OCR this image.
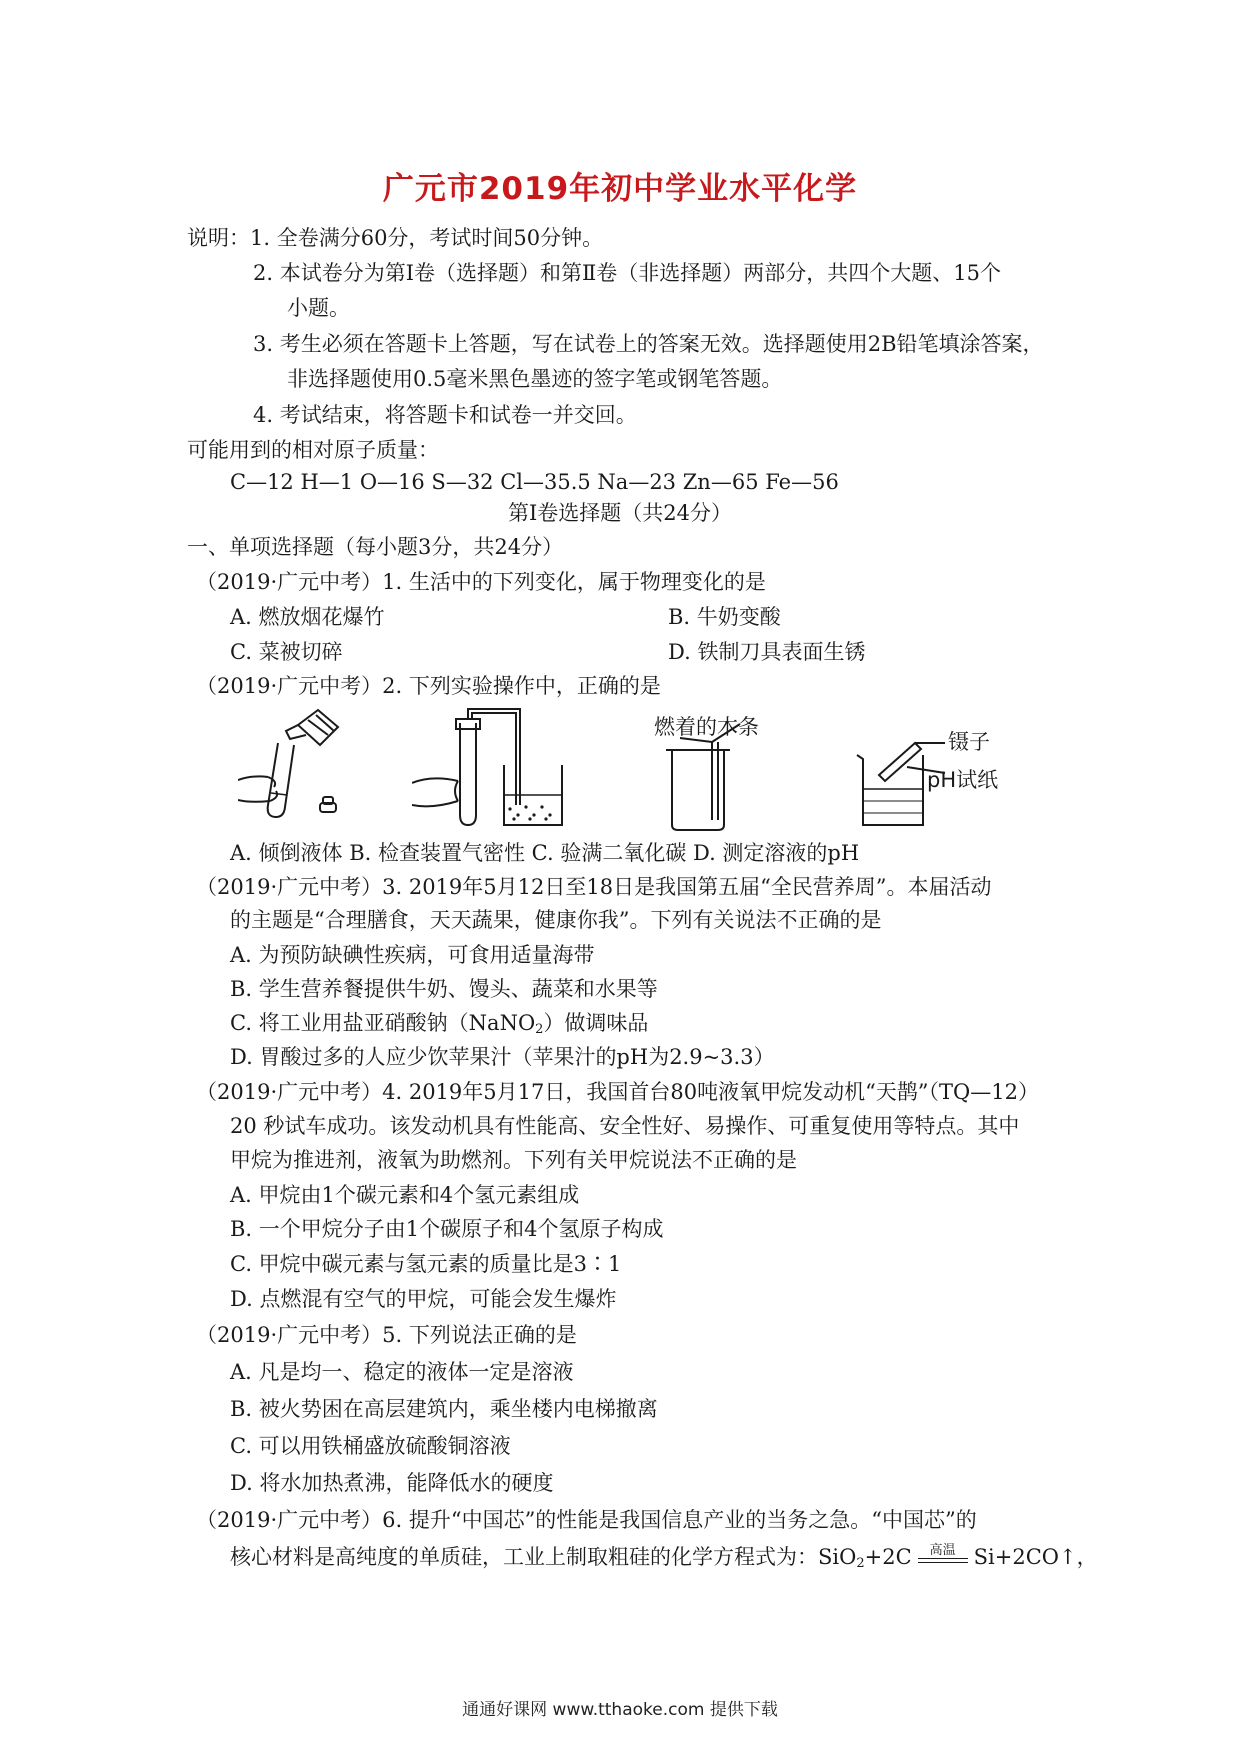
广元市2019年初中学业水平化学
说明：1. 全卷满分60分，考试时间50分钟。
2. 本试卷分为第Ⅰ卷（选择题）和第Ⅱ卷（非选择题）两部分，共四个大题、15个
小题。
3. 考生必须在答题卡上答题，写在试卷上的答案无效。选择题使用2B铅笔填涂答案，
非选择题使用0.5毫米黑色墨迹的签字笔或钢笔答题。
4. 考试结束，将答题卡和试卷一并交回。
可能用到的相对原子质量：
C—12 H—1 O—16 S—32 Cl—35.5 Na—23 Zn—65 Fe—56
第Ⅰ卷选择题（共24分）
一、单项选择题（每小题3分，共24分）
（2019·广元中考）1. 生活中的下列变化，属于物理变化的是
A. 燃放烟花爆竹	B. 牛奶变酸
C. 菜被切碎	D. 铁制刀具表面生锈
（2019·广元中考）2. 下列实验操作中，正确的是
燃着的木条
镊子
pH试纸
A. 倾倒液体 B. 检查装置气密性 C. 验满二氧化碳 D. 测定溶液的pH
（2019·广元中考）3. 2019年5月12日至18日是我国第五届“全民营养周”。本届活动
的主题是“合理膳食，天天蔬果，健康你我”。下列有关说法不正确的是
A. 为预防缺碘性疾病，可食用适量海带
B. 学生营养餐提供牛奶、馒头、蔬菜和水果等
C. 将工业用盐亚硝酸钠（NaNO$_2$）做调味品
D. 胃酸过多的人应少饮苹果汁（苹果汁的pH为2.9~3.3）
（2019·广元中考）4. 2019年5月17日，我国首台80吨液氧甲烷发动机“天鹊”（TQ—12）
20 秒试车成功。该发动机具有性能高、安全性好、易操作、可重复使用等特点。其中
甲烷为推进剂，液氧为助燃剂。下列有关甲烷说法不正确的是
A. 甲烷由1个碳元素和4个氢元素组成
B. 一个甲烷分子由1个碳原子和4个氢原子构成
C. 甲烷中碳元素与氢元素的质量比是3∶1
D. 点燃混有空气的甲烷，可能会发生爆炸
（2019·广元中考）5. 下列说法正确的是
A. 凡是均一、稳定的液体一定是溶液
B. 被火势困在高层建筑内，乘坐楼内电梯撤离
C. 可以用铁桶盛放硫酸铜溶液
D. 将水加热煮沸，能降低水的硬度
（2019·广元中考）6. 提升“中国芯”的性能是我国信息产业的当务之急。“中国芯”的
核心材料是高纯度的单质硅，工业上制取粗硅的化学方程式为：SiO$_2$+2C	高温 Si+2CO↑，
通通好课网 www.tthaoke.com 提供下载
